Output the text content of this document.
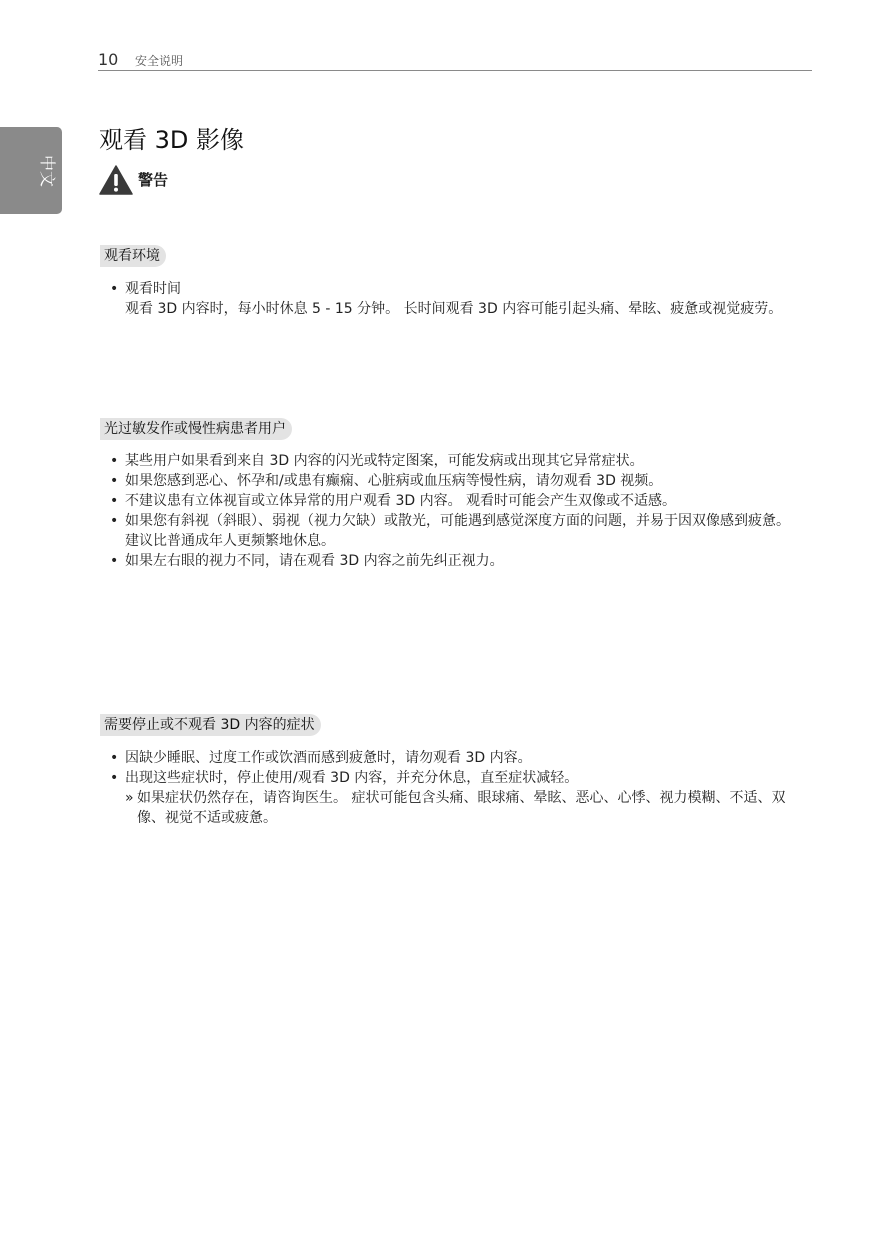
10 安全说明
中文
观看 3D 影像
警告
观看环境
• 观看时间
观看 3D 内容时，每小时休息 5 - 15 分钟。 长时间观看 3D 内容可能引起头痛、晕眩、疲惫或视觉疲劳。
光过敏发作或慢性病患者用户
• 某些用户如果看到来自 3D 内容的闪光或特定图案，可能发病或出现其它异常症状。
• 如果您感到恶心、怀孕和/或患有癫痫、心脏病或血压病等慢性病，请勿观看 3D 视频。
• 不建议患有立体视盲或立体异常的用户观看 3D 内容。 观看时可能会产生双像或不适感。
• 如果您有斜视（斜眼）、弱视（视力欠缺）或散光，可能遇到感觉深度方面的问题，并易于因双像感到疲惫。 建议比普通成年人更频繁地休息。
• 如果左右眼的视力不同，请在观看 3D 内容之前先纠正视力。
需要停止或不观看 3D 内容的症状
• 因缺少睡眠、过度工作或饮酒而感到疲惫时，请勿观看 3D 内容。
• 出现这些症状时，停止使用/观看 3D 内容，并充分休息，直至症状减轻。
» 如果症状仍然存在，请咨询医生。 症状可能包含头痛、眼球痛、晕眩、恶心、心悸、视力模糊、不适、双像、视觉不适或疲惫。
